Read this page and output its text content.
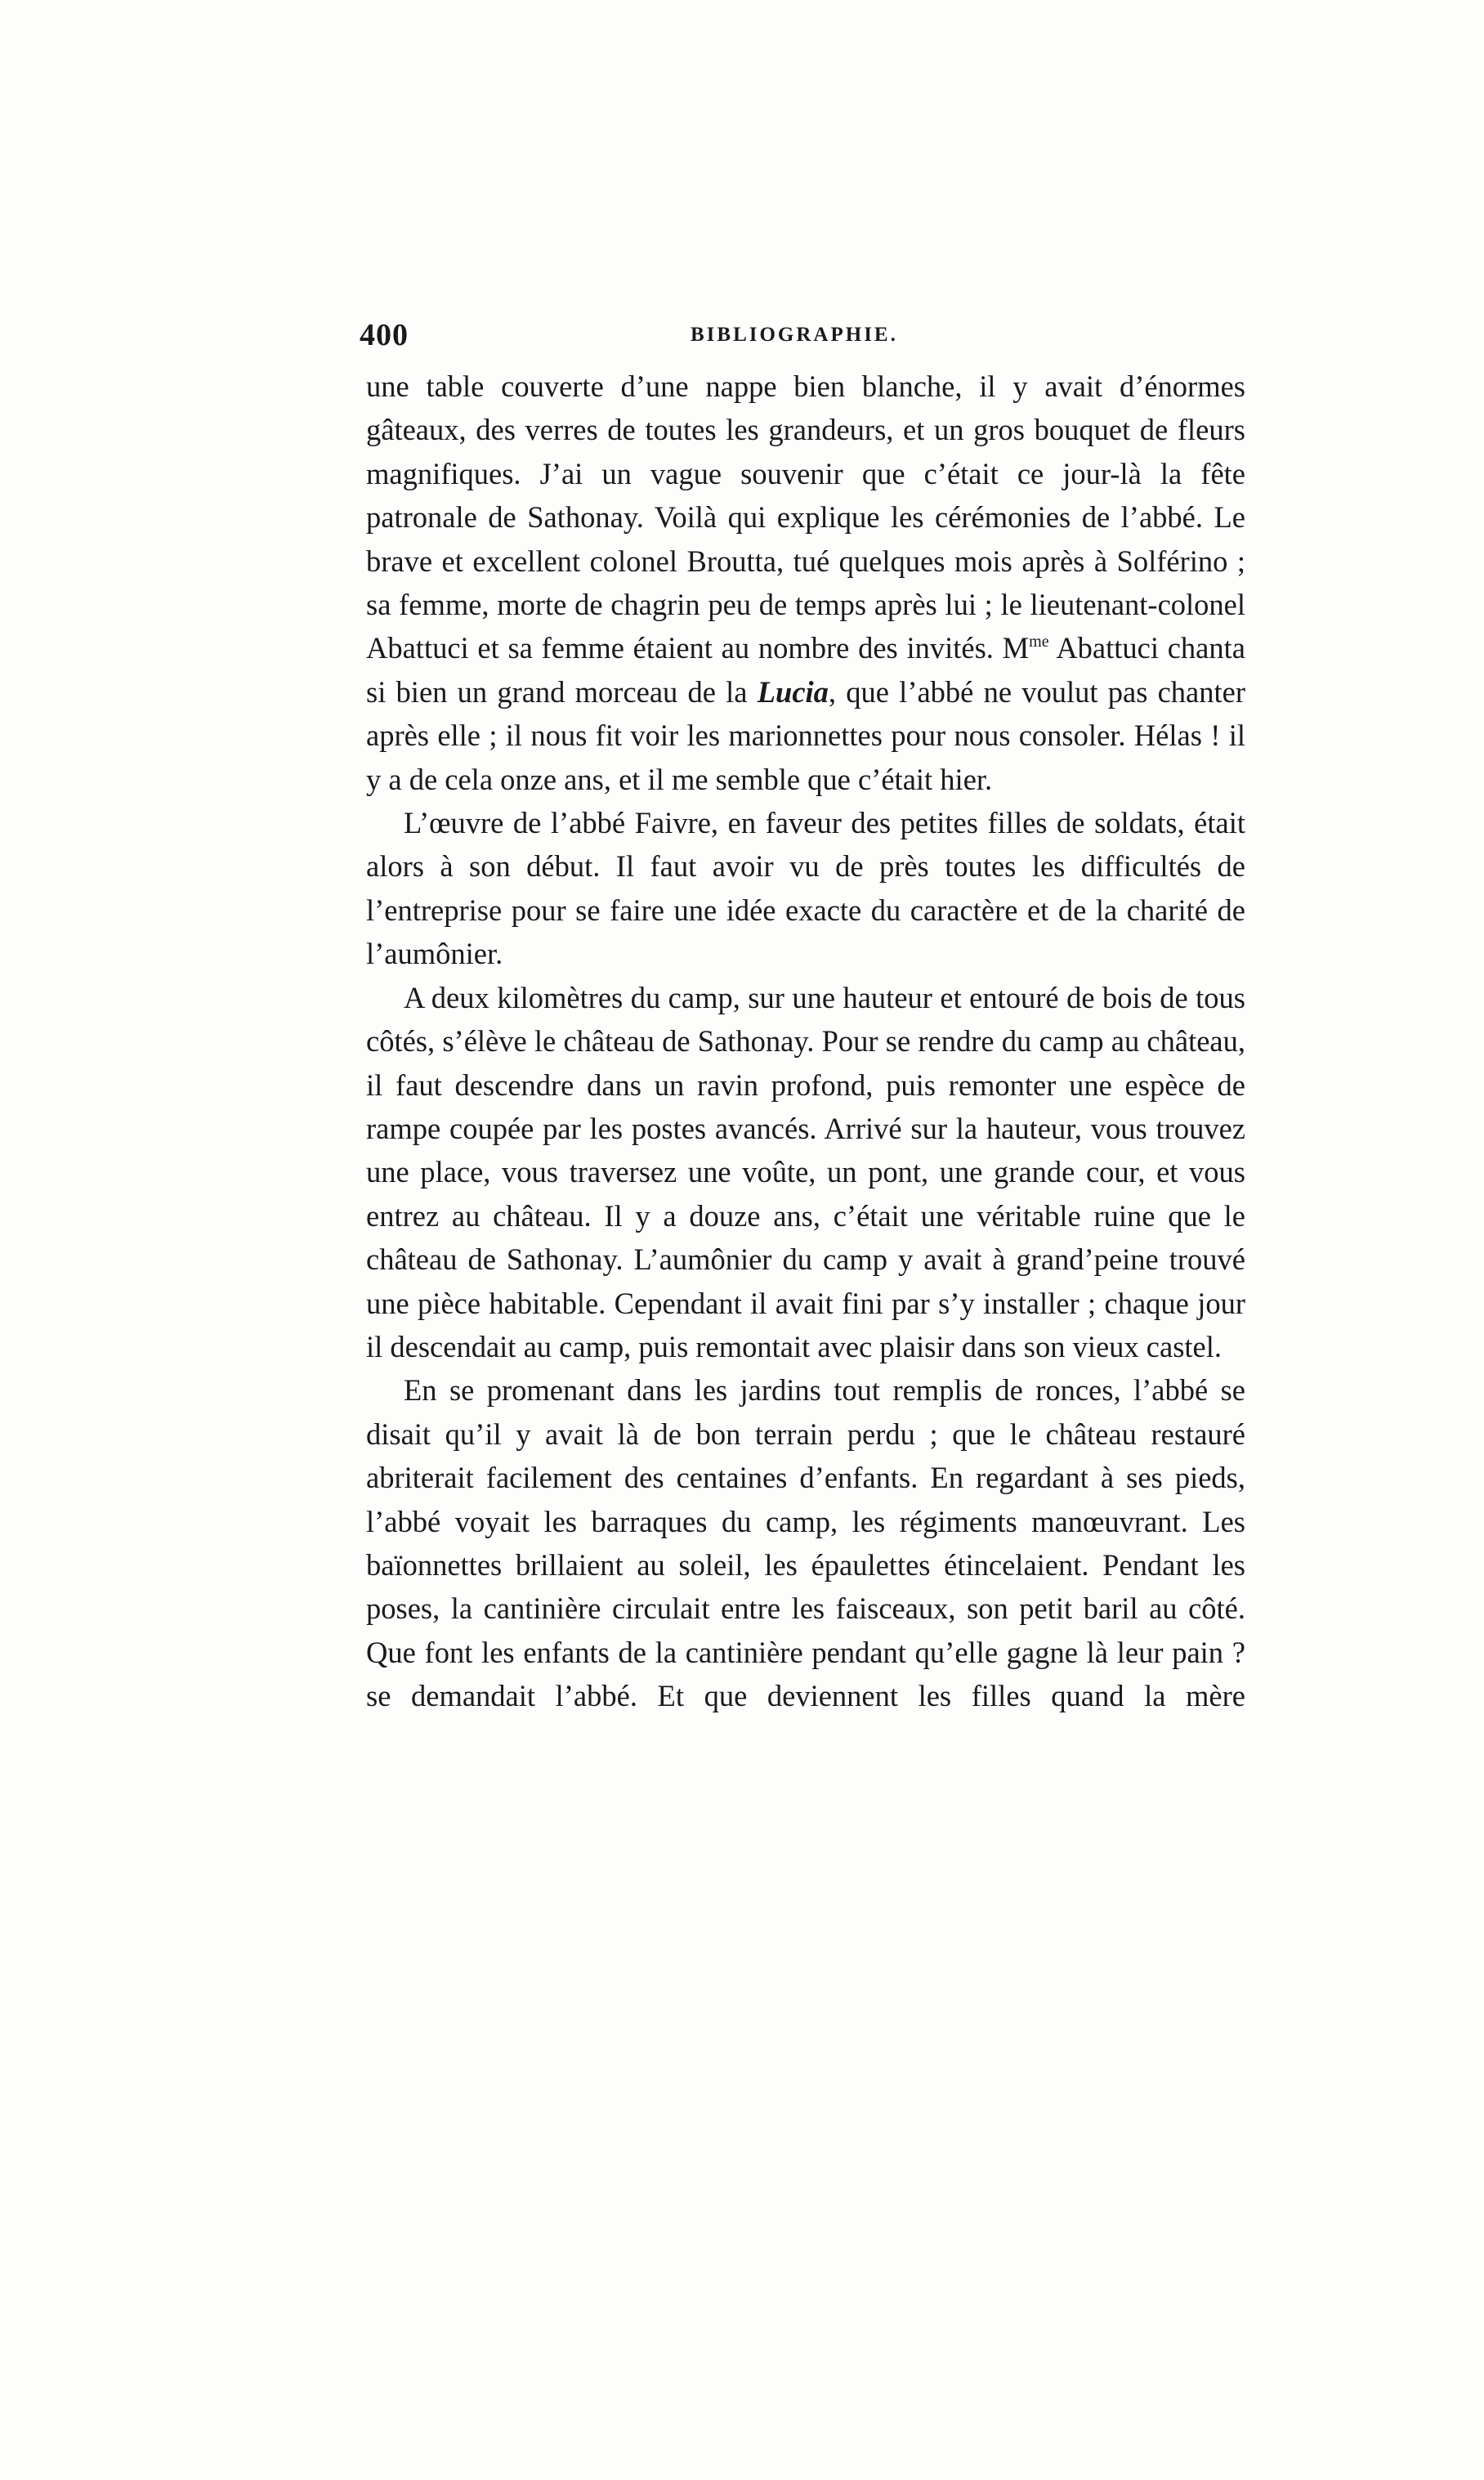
400	BIBLIOGRAPHIE.

une table couverte d’une nappe bien blanche, il y avait d’énormes gâteaux, des verres de toutes les grandeurs, et un gros bouquet de fleurs magnifiques. J’ai un vague souvenir que c’était ce jour-là la fête patronale de Sathonay. Voilà qui explique les cérémonies de l’abbé. Le brave et excellent colonel Broutta, tué quelques mois après à Solférino ; sa femme, morte de chagrin peu de temps après lui ; le lieutenant-colonel Abattuci et sa femme étaient au nombre des invités. $M^{me}$ Abattuci chanta si bien un grand morceau de la Lucia, que l’abbé ne voulut pas chanter après elle ; il nous fit voir les marionnettes pour nous consoler. Hélas ! il y a de cela onze ans, et il me semble que c’était hier.

L’œuvre de l’abbé Faivre, en faveur des petites filles de soldats, était alors à son début. Il faut avoir vu de près toutes les difficultés de l’entreprise pour se faire une idée exacte du caractère et de la charité de l’aumônier.

A deux kilomètres du camp, sur une hauteur et entouré de bois de tous côtés, s’élève le château de Sathonay. Pour se rendre du camp au château, il faut descendre dans un ravin profond, puis remonter une espèce de rampe coupée par les postes avancés. Arrivé sur la hauteur, vous trouvez une place, vous traversez une voûte, un pont, une grande cour, et vous entrez au château. Il y a douze ans, c’était une véritable ruine que le château de Sathonay. L’aumônier du camp y avait à grand’peine trouvé une pièce habitable. Cependant il avait fini par s’y installer ; chaque jour il descendait au camp, puis remontait avec plaisir dans son vieux castel.

En se promenant dans les jardins tout remplis de ronces, l’abbé se disait qu’il y avait là de bon terrain perdu ; que le château restauré abriterait facilement des centaines d’enfants. En regardant à ses pieds, l’abbé voyait les barraques du camp, les régiments manœuvrant. Les baïonnettes brillaient au soleil, les épaulettes étincelaient. Pendant les poses, la cantinière circulait entre les faisceaux, son petit baril au côté. Que font les enfants de la cantinière pendant qu’elle gagne là leur pain ? se demandait l’abbé. Et que deviennent les filles quand la mère
